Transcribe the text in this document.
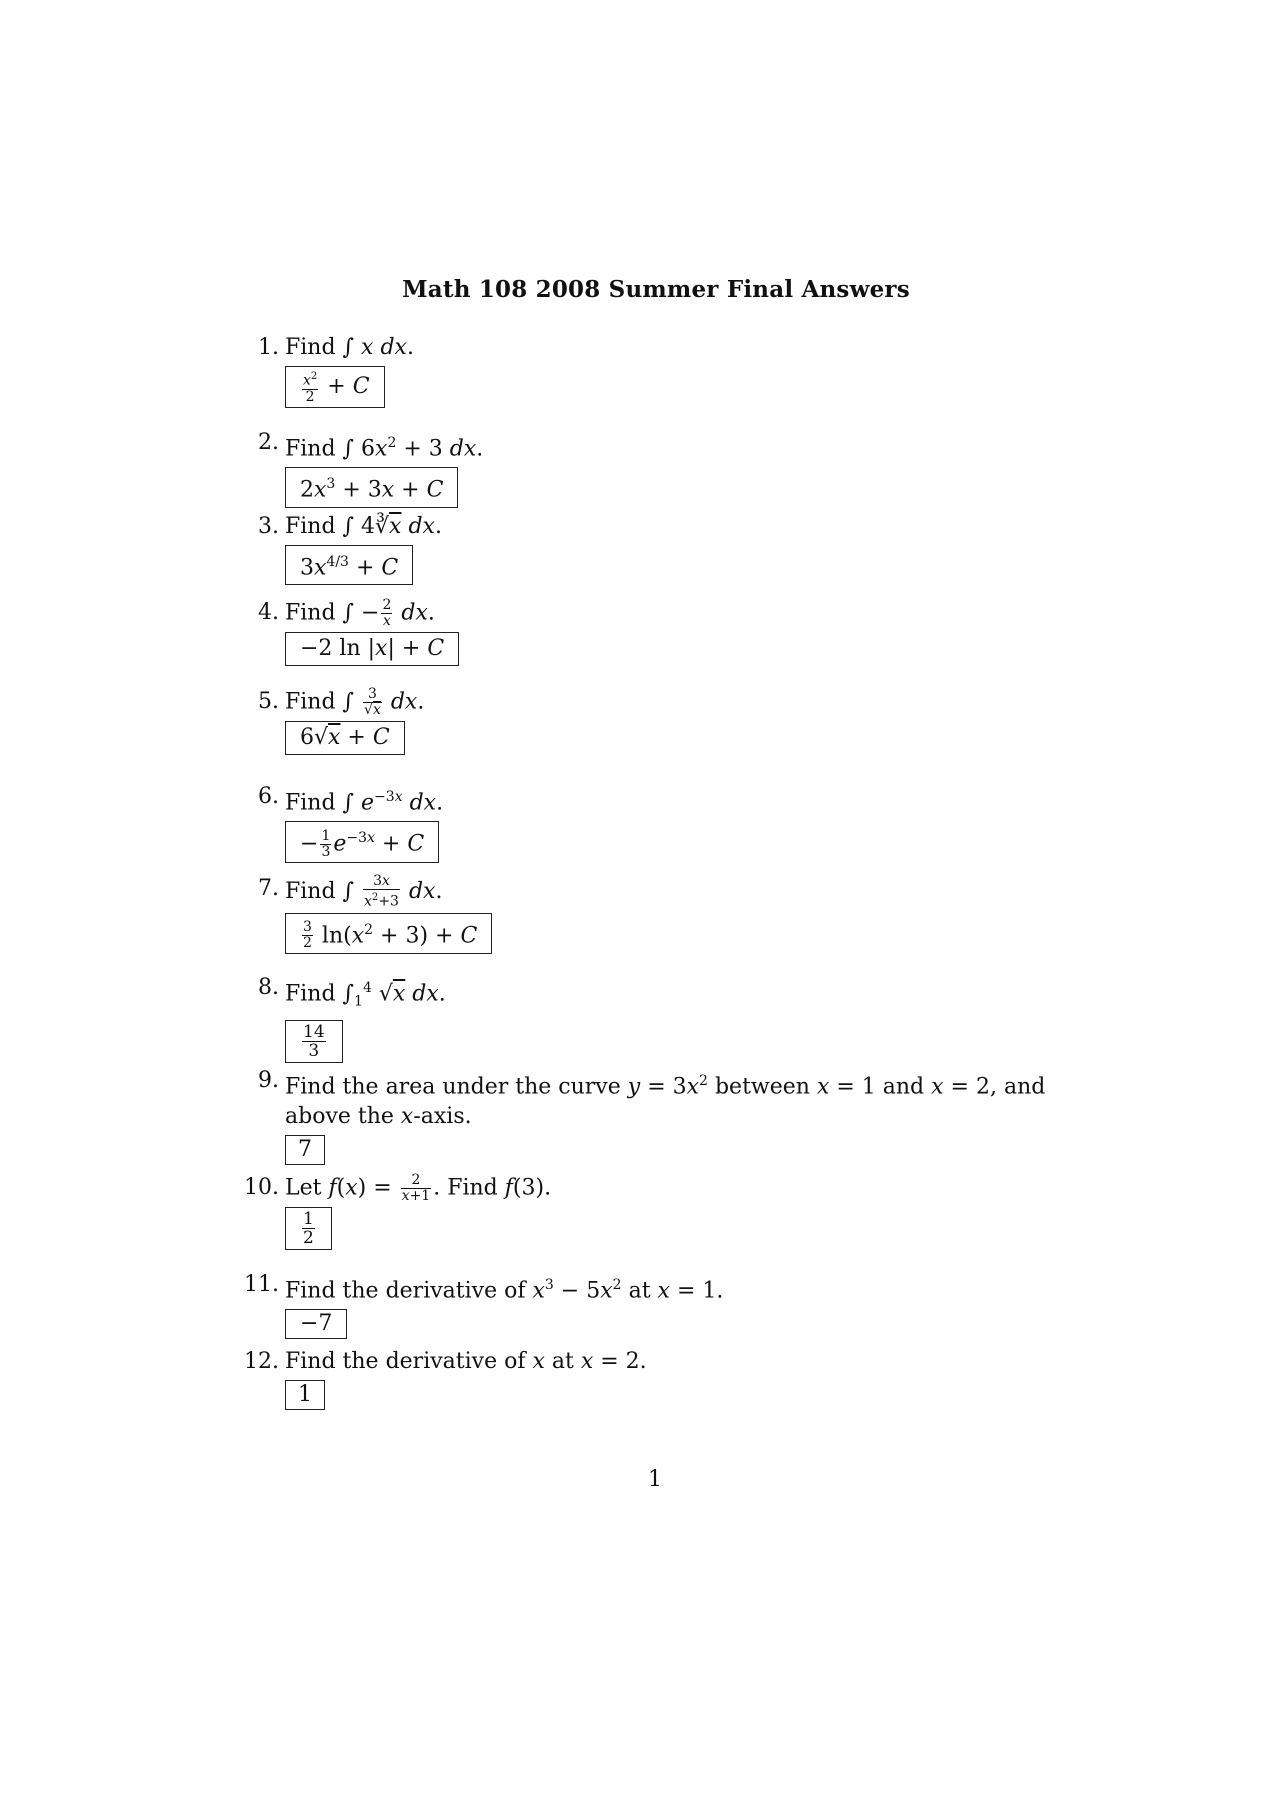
Math 108 2008 Summer Final Answers
1. Find ∫ x dx.
$\frac{x^2}{2} + C$
2. Find ∫ $6x^2 + 3$ dx.
$2x^3 + 3x + C$
3. Find ∫ $4∛\overline{x}$ dx.
$3x^{4/3} + C$
4. Find ∫ − $\frac{2}{x}$ dx.
−2 ln |x| + C
5. Find ∫ $\frac{3}{√x}$ dx.
6√x + C
6. Find ∫ $e^{-3x}$ dx.
− $\frac{1}{3} e^{-3x} + C$
7. Find ∫ $\frac{3x}{x^2+3}$ dx.
$\frac{3}{2} \ln(x^2 + 3) + C$
8. Find $\int_1^4$ √x dx.
$\frac{14}{3}$
9. Find the area under the curve $y = 3x^2$ between x = 1 and x = 2, and above the x-axis.
7
10. Let $f(x) = \frac{2}{x+1}$ . Find f(3).
$\frac{1}{2}$
11. Find the derivative of $x^3 - 5x^2$ at x = 1.
−7
12. Find the derivative of x at x = 2.
1
1
